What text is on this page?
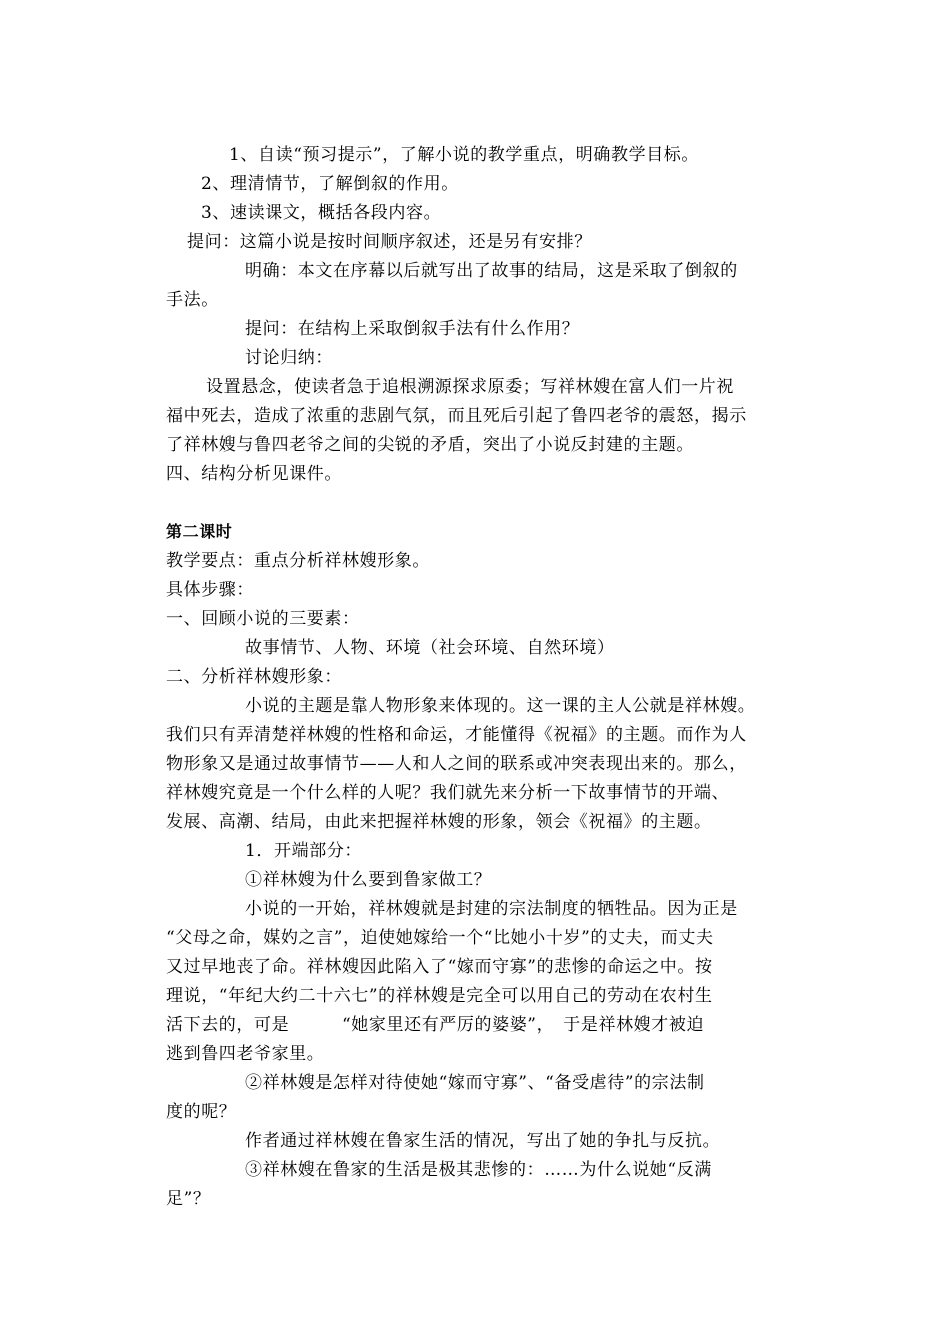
1、自读“预习提示”，了解小说的教学重点，明确教学目标。
2、理清情节，了解倒叙的作用。
3、速读课文，概括各段内容。
提问：这篇小说是按时间顺序叙述，还是另有安排？
明确：本文在序幕以后就写出了故事的结局，这是采取了倒叙的
手法。
提问：在结构上采取倒叙手法有什么作用？
讨论归纳：
设置悬念，使读者急于追根溯源探求原委；写祥林嫂在富人们一片祝
福中死去，造成了浓重的悲剧气氛，而且死后引起了鲁四老爷的震怒，揭示
了祥林嫂与鲁四老爷之间的尖锐的矛盾，突出了小说反封建的主题。
四、结构分析见课件。
第二课时
教学要点：重点分析祥林嫂形象。
具体步骤：
一、回顾小说的三要素：
故事情节、人物、环境（社会环境、自然环境）
二、分析祥林嫂形象：
小说的主题是靠人物形象来体现的。这一课的主人公就是祥林嫂。
我们只有弄清楚祥林嫂的性格和命运，才能懂得《祝福》的主题。而作为人
物形象又是通过故事情节——人和人之间的联系或冲突表现出来的。那么，
祥林嫂究竟是一个什么样的人呢？我们就先来分析一下故事情节的开端、
发展、高潮、结局，由此来把握祥林嫂的形象，领会《祝福》的主题。
1．开端部分：
①祥林嫂为什么要到鲁家做工？
小说的一开始，祥林嫂就是封建的宗法制度的牺牲品。因为正是
“父母之命，媒妁之言”，迫使她嫁给一个“比她小十岁”的丈夫，而丈夫
又过早地丧了命。祥林嫂因此陷入了“嫁而守寡”的悲惨的命运之中。按
理说，“年纪大约二十六七”的祥林嫂是完全可以用自己的劳动在农村生
活下去的，可是　　　“她家里还有严厉的婆婆”，　于是祥林嫂才被迫
逃到鲁四老爷家里。
②祥林嫂是怎样对待使她“嫁而守寡”、“备受虐待”的宗法制
度的呢？
作者通过祥林嫂在鲁家生活的情况，写出了她的争扎与反抗。
③祥林嫂在鲁家的生活是极其悲惨的：……为什么说她“反满
足”？
